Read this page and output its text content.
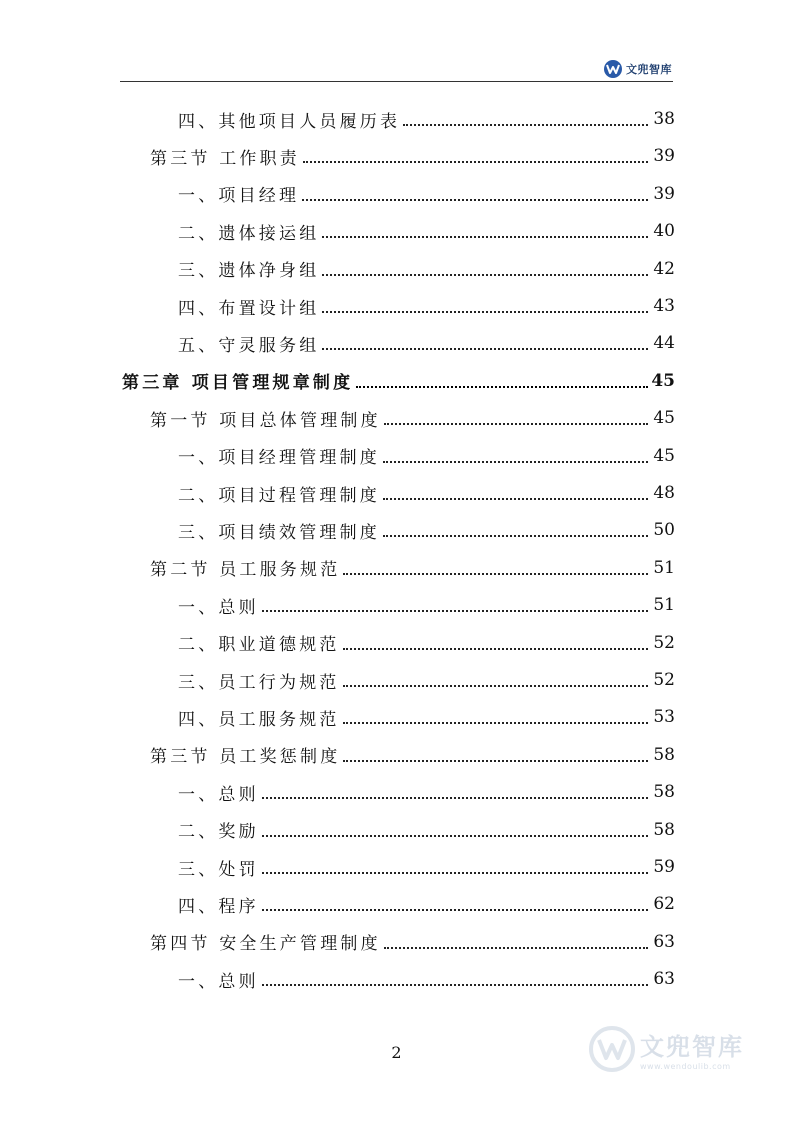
文兜智库
四、其他项目人员履历表	38
第三节 工作职责	39
一、项目经理	39
二、遗体接运组	40
三、遗体净身组	42
四、布置设计组	43
五、守灵服务组	44
第三章 项目管理规章制度	45
第一节 项目总体管理制度	45
一、项目经理管理制度	45
二、项目过程管理制度	48
三、项目绩效管理制度	50
第二节 员工服务规范	51
一、总则	51
二、职业道德规范	52
三、员工行为规范	52
四、员工服务规范	53
第三节 员工奖惩制度	58
一、总则	58
二、奖励	58
三、处罚	59
四、程序	62
第四节 安全生产管理制度	63
一、总则	63
2	文兜智库
www.wendoulib.com
